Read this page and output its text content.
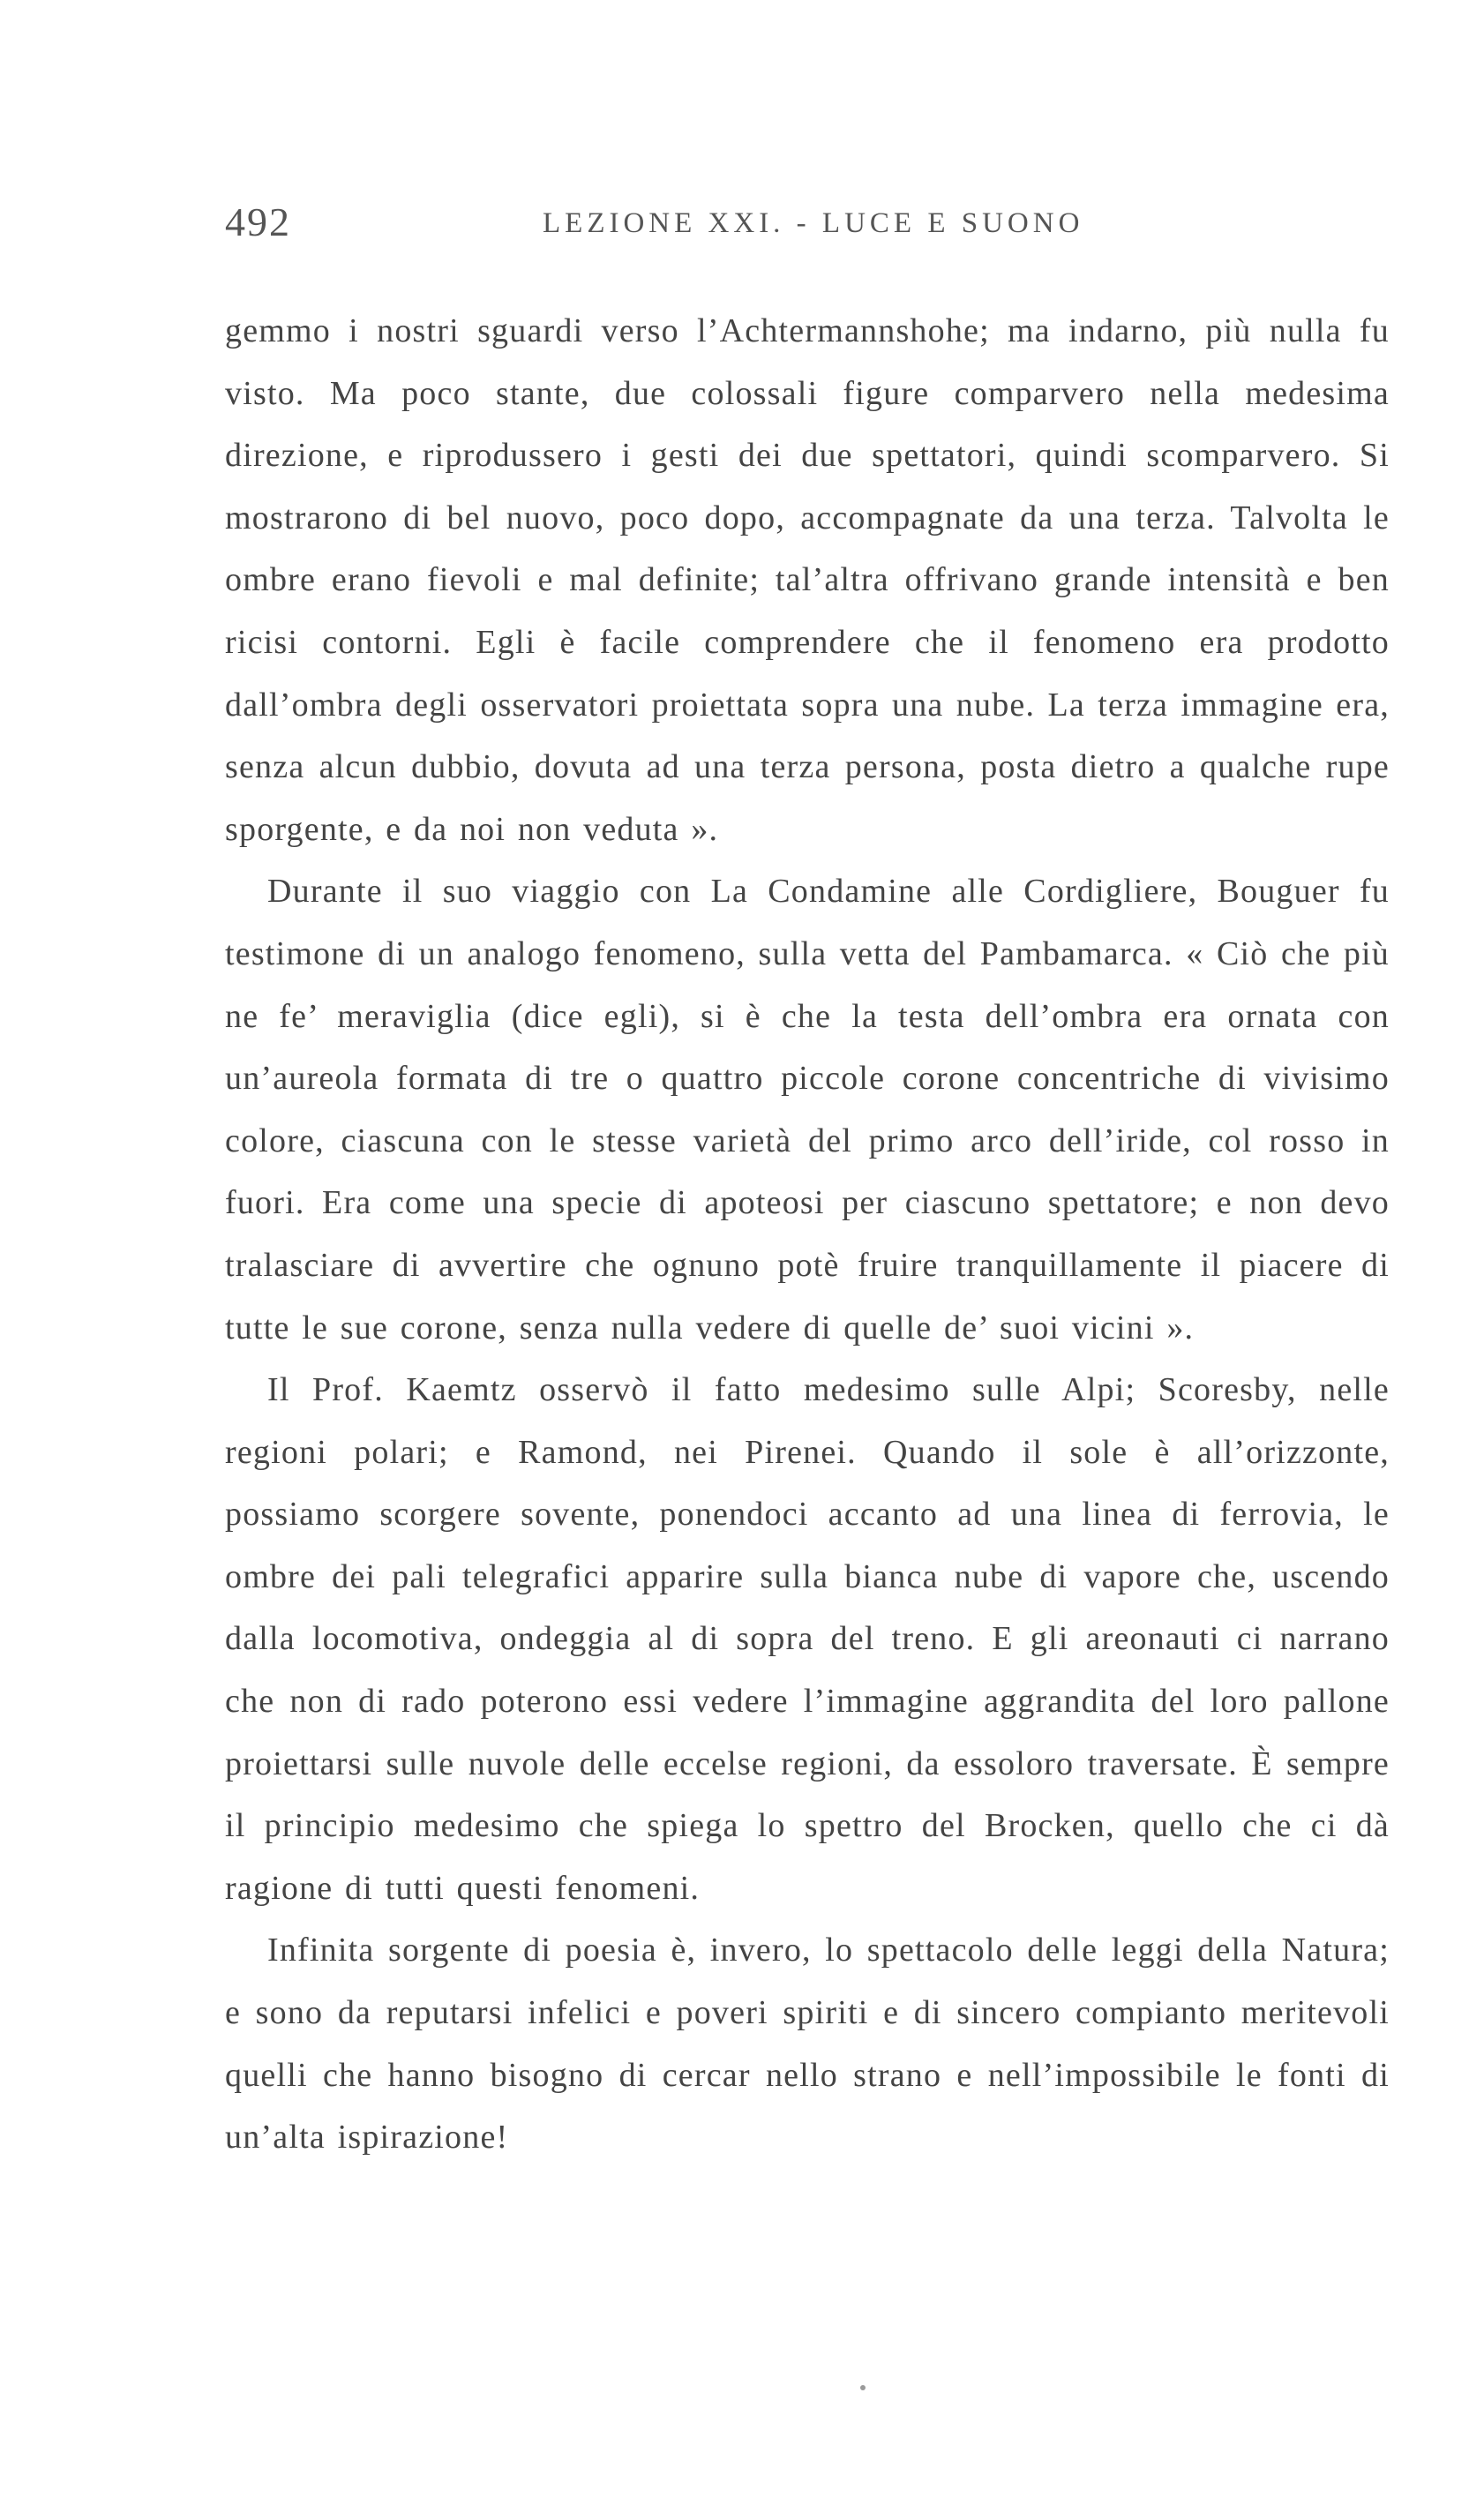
492	LEZIONE XXI. - LUCE E SUONO

gemmo i nostri sguardi verso l’Achtermannshohe; ma indarno, più nulla fu visto. Ma poco stante, due colossali figure comparvero nella medesima direzione, e riprodussero i gesti dei due spettatori, quindi scomparvero. Si mostrarono di bel nuovo, poco dopo, accompagnate da una terza. Talvolta le ombre erano fievoli e mal definite; tal’altra offrivano grande intensità e ben ricisi contorni. Egli è facile comprendere che il fenomeno era prodotto dall’ombra degli osservatori proiettata sopra una nube. La terza immagine era, senza alcun dubbio, dovuta ad una terza persona, posta dietro a qualche rupe sporgente, e da noi non veduta ».

Durante il suo viaggio con La Condamine alle Cordigliere, Bouguer fu testimone di un analogo fenomeno, sulla vetta del Pambamarca. « Ciò che più ne fe’ meraviglia (dice egli), si è che la testa dell’ombra era ornata con un’aureola formata di tre o quattro piccole corone concentriche di vivisimo colore, ciascuna con le stesse varietà del primo arco dell’iride, col rosso in fuori. Era come una specie di apoteosi per ciascuno spettatore; e non devo tralasciare di avvertire che ognuno potè fruire tranquillamente il piacere di tutte le sue corone, senza nulla vedere di quelle de’ suoi vicini ».

Il Prof. Kaemtz osservò il fatto medesimo sulle Alpi; Scoresby, nelle regioni polari; e Ramond, nei Pirenei. Quando il sole è all’orizzonte, possiamo scorgere sovente, ponendoci accanto ad una linea di ferrovia, le ombre dei pali telegrafici apparire sulla bianca nube di vapore che, uscendo dalla locomotiva, ondeggia al di sopra del treno. E gli areonauti ci narrano che non di rado poterono essi vedere l’immagine aggrandita del loro pallone proiettarsi sulle nuvole delle eccelse regioni, da essoloro traversate. È sempre il principio medesimo che spiega lo spettro del Brocken, quello che ci dà ragione di tutti questi fenomeni.

Infinita sorgente di poesia è, invero, lo spettacolo delle leggi della Natura; e sono da reputarsi infelici e poveri spiriti e di sincero compianto meritevoli quelli che hanno bisogno di cercar nello strano e nell’impossibile le fonti di un’alta ispirazione!
